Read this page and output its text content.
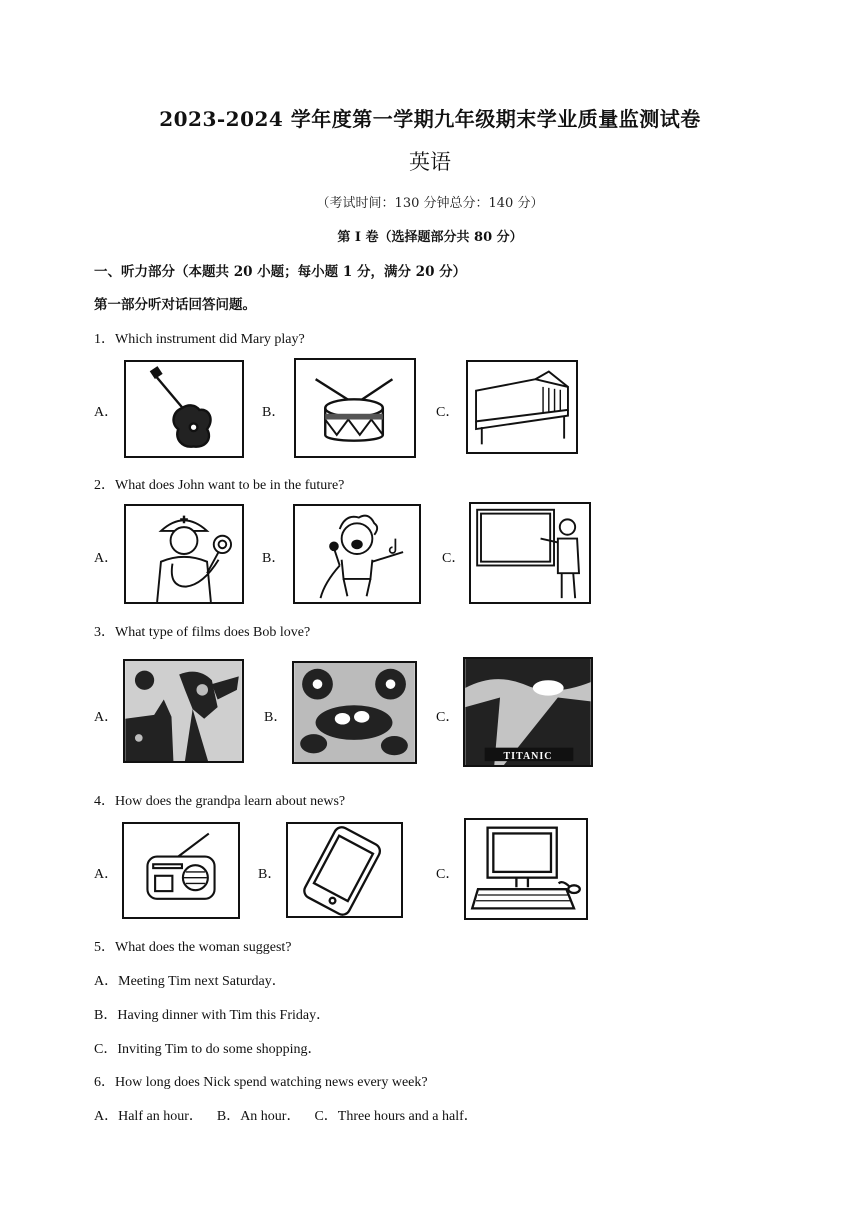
2023-2024 学年度第一学期九年级期末学业质量监测试卷
英语
（考试时间：130 分钟总分：140 分）
第 I 卷（选择题部分共 80 分）
一、听力部分（本题共 20 小题；每小题 1 分，满分 20 分）
第一部分听对话回答问题。
1．Which instrument did Mary play?
A．	B．	C．
2．What does John want to be in the future?
A．	B．	C．
3．What type of films does Bob love?
A．	B．	C．
TITANIC
4．How does the grandpa learn about news?
A．	B．	C．
5．What does the woman suggest?
A．Meeting Tim next Saturday．
B．Having dinner with Tim this Friday．
C．Inviting Tim to do some shopping．
6．How long does Nick spend watching news every week?
A．Half an hour．    B．An hour．    C．Three hours and a half．
